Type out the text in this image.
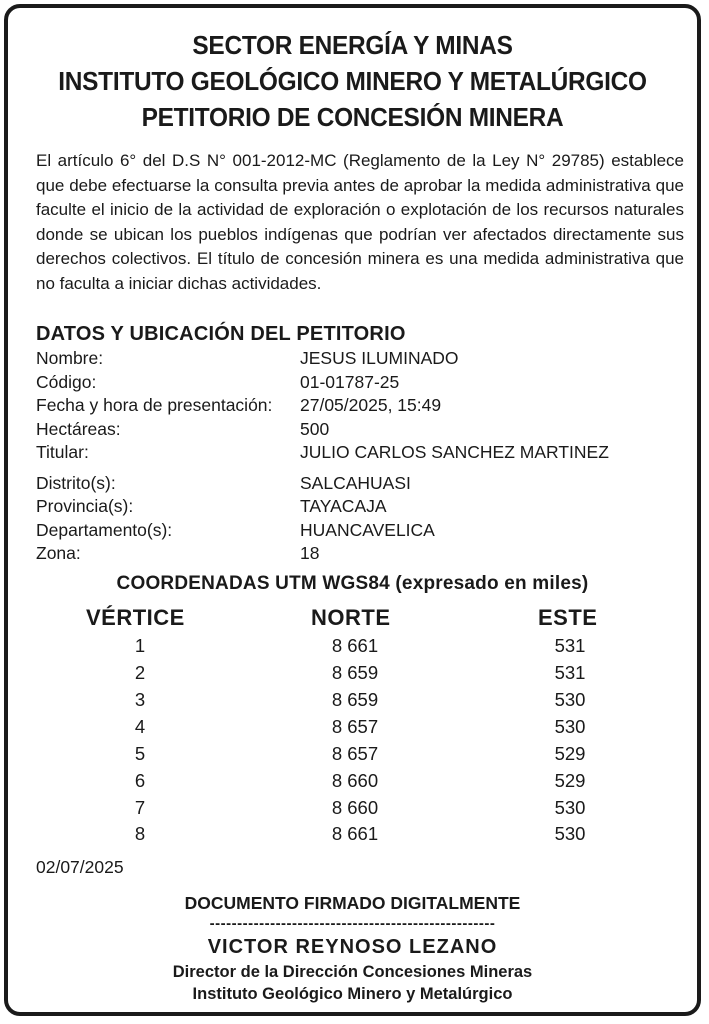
SECTOR ENERGÍA Y MINAS
INSTITUTO GEOLÓGICO MINERO Y METALÚRGICO
PETITORIO DE CONCESIÓN MINERA
El artículo 6° del D.S N° 001-2012-MC (Reglamento de la Ley N° 29785) establece que debe efectuarse la consulta previa antes de aprobar la medida administrativa que faculte el inicio de la actividad de exploración o explotación de los recursos naturales donde se ubican los pueblos indígenas que podrían ver afectados directamente sus derechos colectivos. El título de concesión minera es una medida administrativa que no faculta a iniciar dichas actividades.
DATOS Y UBICACIÓN DEL PETITORIO
Nombre:	JESUS ILUMINADO
Código:	01-01787-25
Fecha y hora de presentación: 27/05/2025, 15:49
Hectáreas:	500
Titular:	JULIO CARLOS SANCHEZ MARTINEZ
Distrito(s):	SALCAHUASI
Provincia(s):	TAYACAJA
Departamento(s):	HUANCAVELICA
Zona:	18
COORDENADAS UTM WGS84 (expresado en miles)
VÉRTICE	NORTE	ESTE
1	8 661	531
2	8 659	531
3	8 659	530
4	8 657	530
5	8 657	529
6	8 660	529
7	8 660	530
8	8 661	530
02/07/2025
DOCUMENTO FIRMADO DIGITALMENTE
----------------------------------------------------
VICTOR REYNOSO LEZANO
Director de la Dirección Concesiones Mineras
Instituto Geológico Minero y Metalúrgico
